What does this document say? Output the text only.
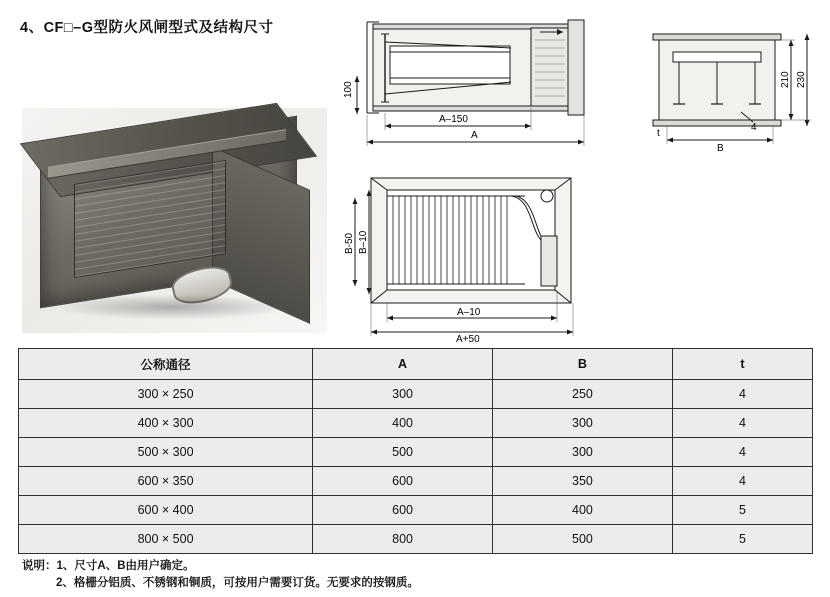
4、CF□–G型防火风闸型式及结构尺寸
100
A–150
A
210 230
4
t
B
B-50 B–10
A–10
A+50
公称通径	A	B	t
300 × 250	300	250	4
400 × 300	400	300	4
500 × 300	500	300	4
600 × 350	600	350	4
600 × 400	600	400	5
800 × 500	800	500	5
说明：1、尺寸A、B由用户确定。
2、格栅分铝质、不锈钢和铜质，可按用户需要订货。无要求的按钢质。
